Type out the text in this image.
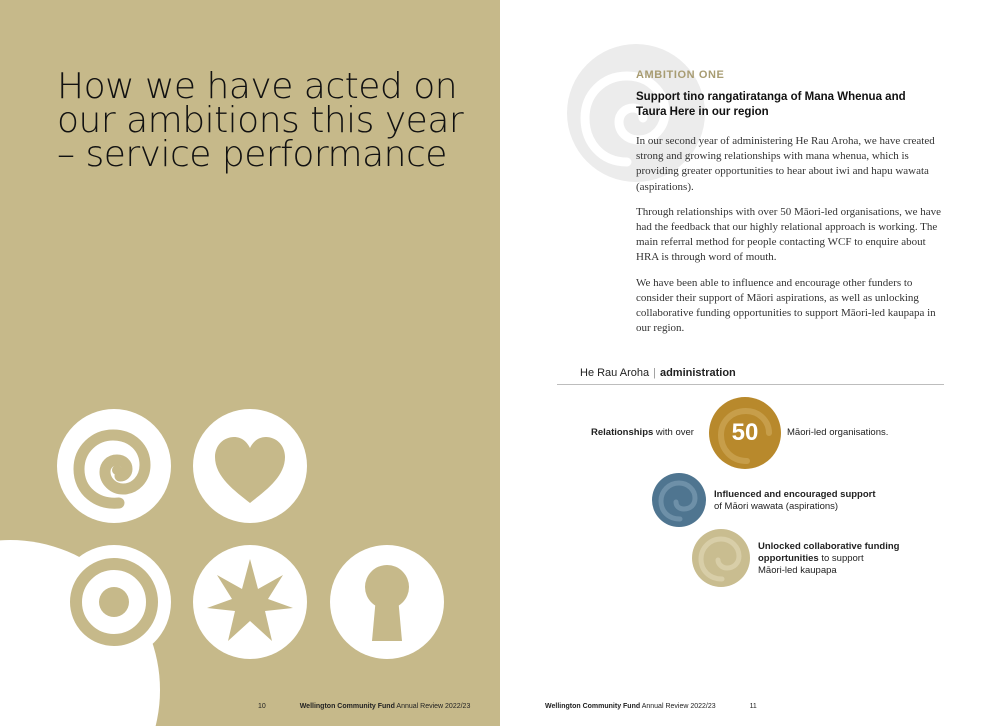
How we have acted on our ambitions this year – service performance
10	Wellington Community Fund Annual Review 2022/23
AMBITION ONE
Support tino rangatiratanga of Mana Whenua and Taura Here in our region

In our second year of administering He Rau Aroha, we have created strong and growing relationships with mana whenua, which is providing greater opportunities to hear about iwi and hapu wawata (aspirations).

Through relationships with over 50 Māori-led organisations, we have had the feedback that our highly relational approach is working. The main referral method for people contacting WCF to enquire about HRA is through word of mouth.

We have been able to influence and encourage other funders to consider their support of Māori aspirations, as well as unlocking collaborative funding opportunities to support Māori-led kaupapa in our region.

He Rau Aroha | administration
Relationships with over	50	Māori-led organisations.
Influenced and encouraged support
of Māori wawata (aspirations)
Unlocked collaborative funding
opportunities to support
Māori-led kaupapa
Wellington Community Fund Annual Review 2022/23	11
